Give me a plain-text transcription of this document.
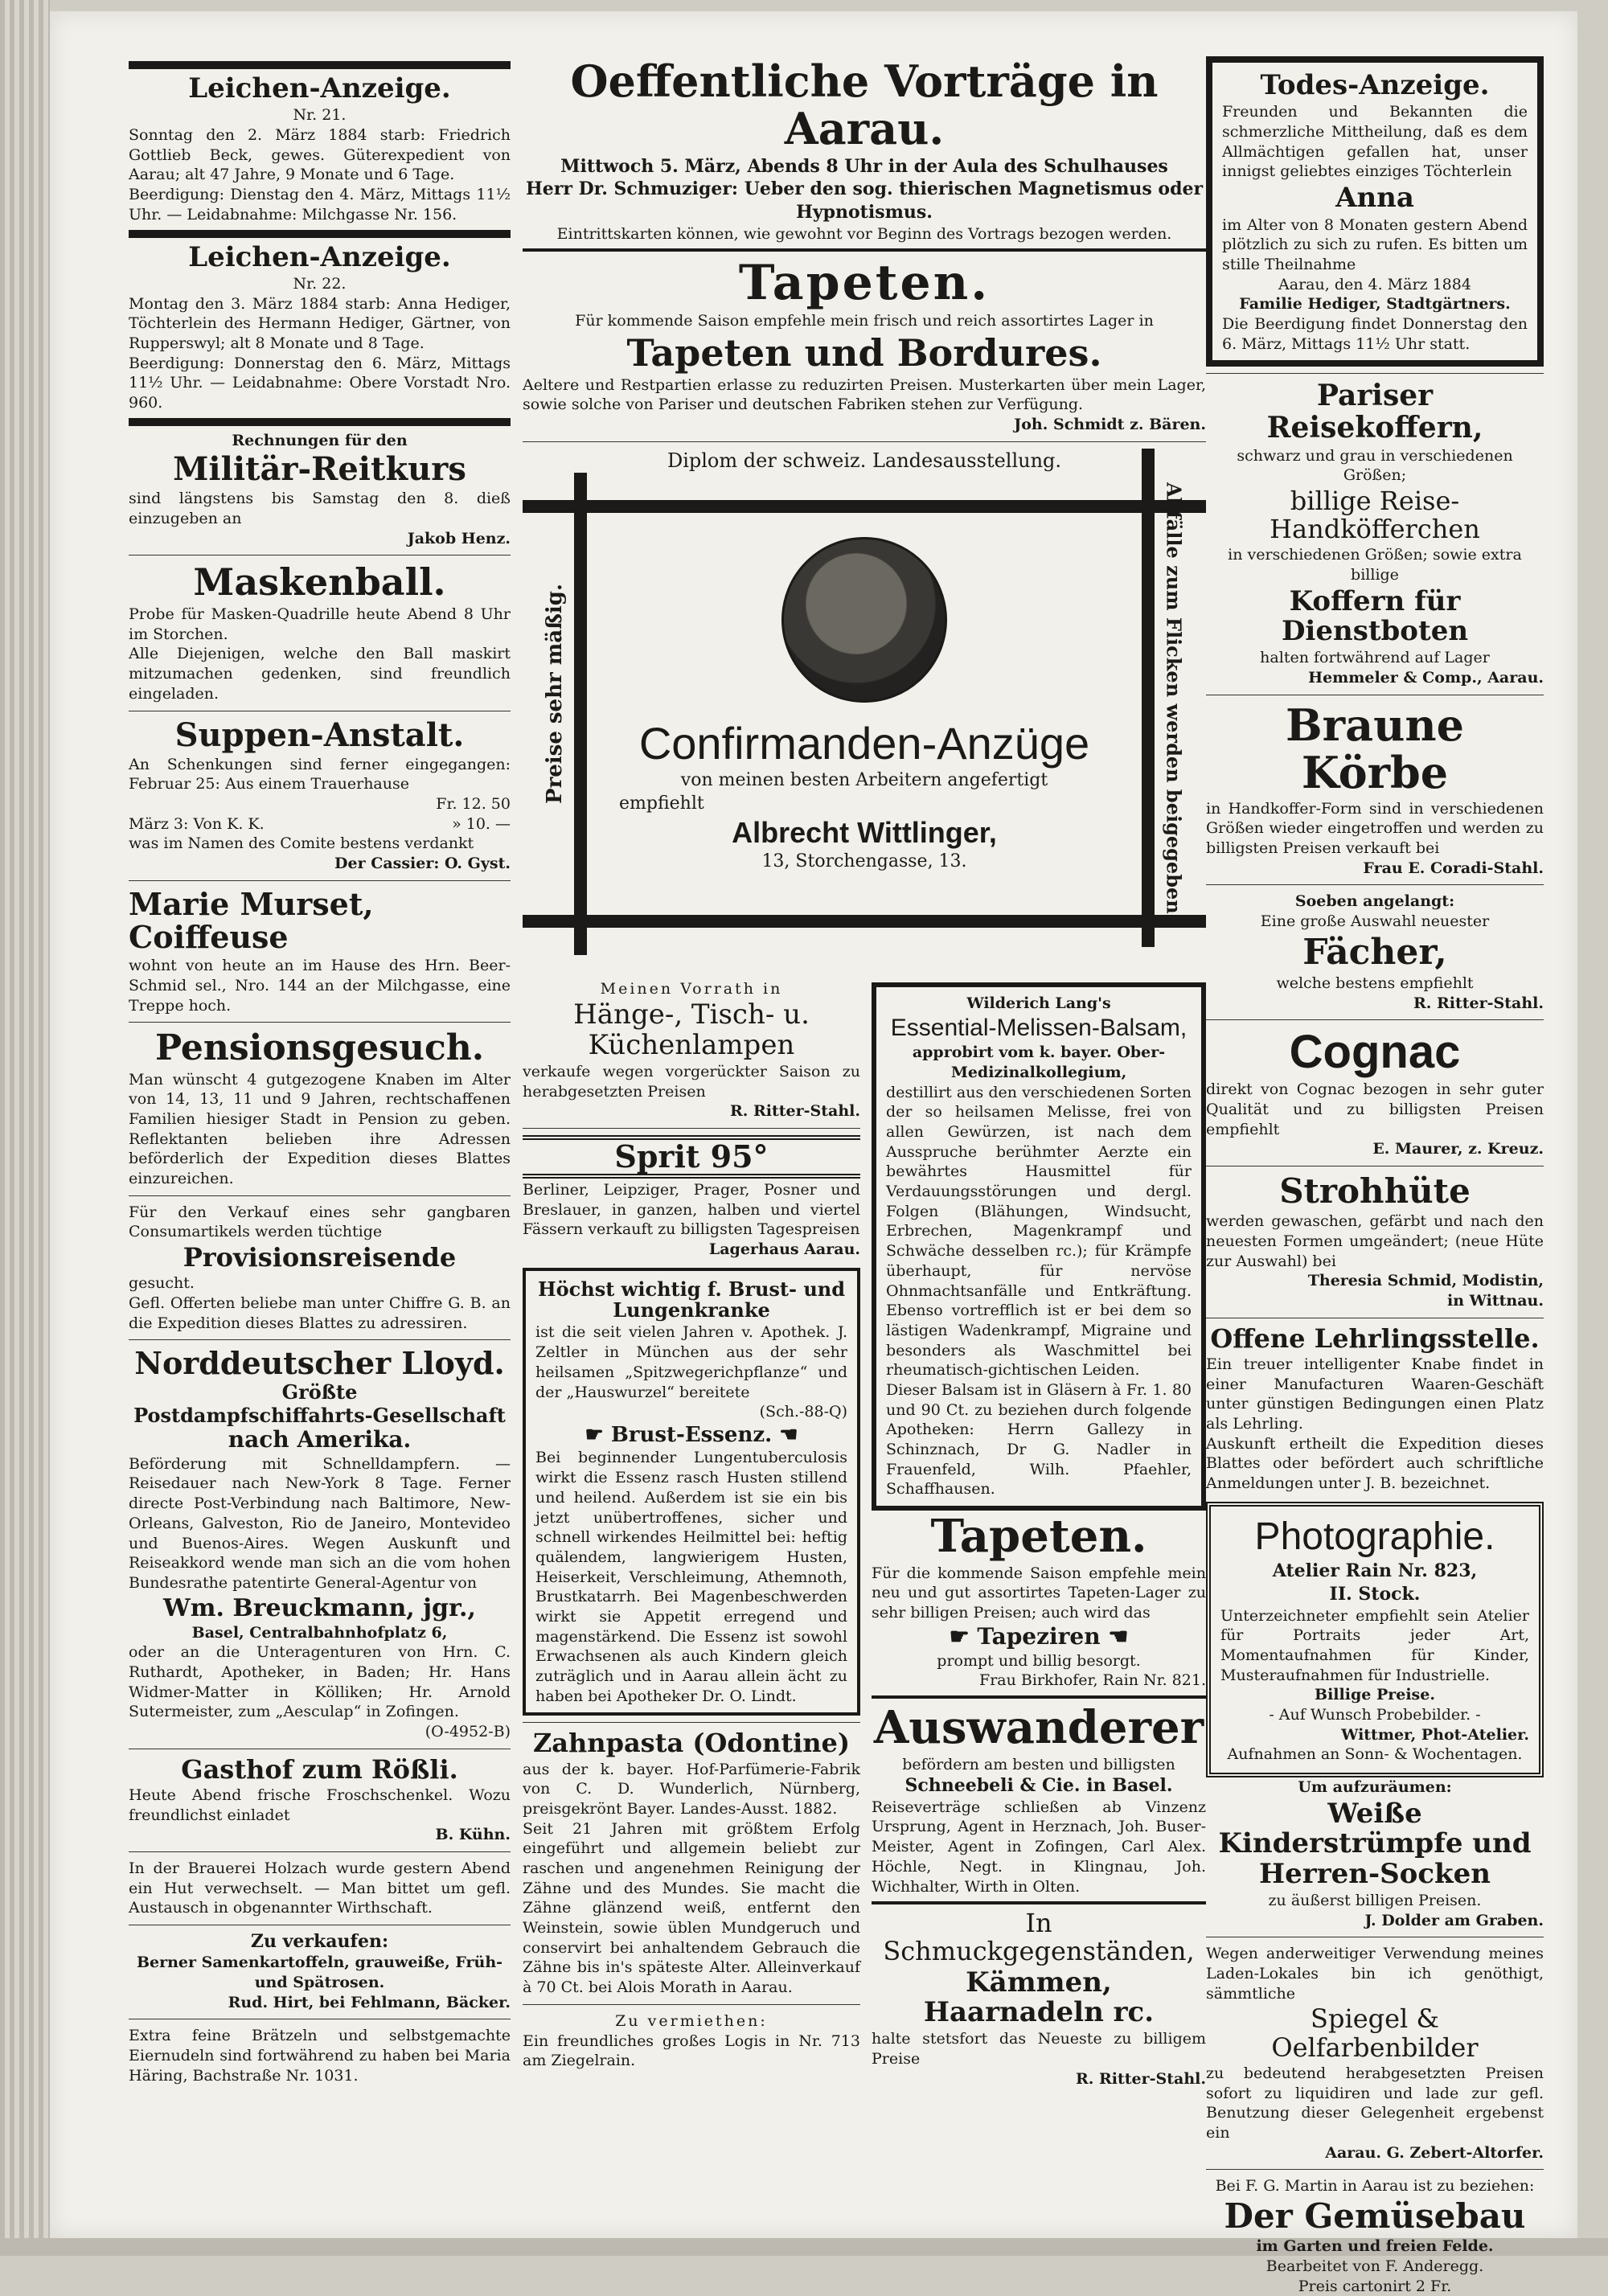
Leichen-Anzeige.

Nr. 21.

Sonntag den 2. März 1884 starb: Friedrich Gottlieb Beck, gewes. Güterexpedient von Aarau; alt 47 Jahre, 9 Monate und 6 Tage.

Beerdigung: Dienstag den 4. März, Mittags 11½ Uhr. — Leidabnahme: Milchgasse Nr. 156.

Leichen-Anzeige.

Nr. 22.

Montag den 3. März 1884 starb: Anna Hediger, Töchterlein des Hermann Hediger, Gärtner, von Rupperswyl; alt 8 Monate und 8 Tage.

Beerdigung: Donnerstag den 6. März, Mittags 11½ Uhr. — Leidabnahme: Obere Vorstadt Nro. 960.

Rechnungen für den

Militär-Reitkurs

sind längstens bis Samstag den 8. dieß einzugeben an

Jakob Henz.

Maskenball.

Probe für Masken-Quadrille heute Abend 8 Uhr im Storchen.

Alle Diejenigen, welche den Ball maskirt mitzumachen gedenken, sind freundlich eingeladen.

Suppen-Anstalt.

An Schenkungen sind ferner eingegangen: Februar 25: Aus einem Trauerhause

Fr. 12. 50

März 3: Von K. K.	» 10. —

was im Namen des Comite bestens verdankt

Der Cassier: O. Gyst.

Marie Murset, Coiffeuse

wohnt von heute an im Hause des Hrn. Beer-Schmid sel., Nro. 144 an der Milchgasse, eine Treppe hoch.

Pensionsgesuch.

Man wünscht 4 gutgezogene Knaben im Alter von 14, 13, 11 und 9 Jahren, rechtschaffenen Familien hiesiger Stadt in Pension zu geben. Reflektanten belieben ihre Adressen beförderlich der Expedition dieses Blattes einzureichen.

Für den Verkauf eines sehr gangbaren Consumartikels werden tüchtige

Provisionsreisende

gesucht.

Gefl. Offerten beliebe man unter Chiffre G. B. an die Expedition dieses Blattes zu adressiren.

Norddeutscher Lloyd.
Größte
Postdampfschiffahrts-Gesellschaft
nach Amerika.

Beförderung mit Schnelldampfern. — Reisedauer nach New-York 8 Tage. Ferner directe Post-Verbindung nach Baltimore, New-Orleans, Galveston, Rio de Janeiro, Montevideo und Buenos-Aires. Wegen Auskunft und Reiseakkord wende man sich an die vom hohen Bundesrathe patentirte General-Agentur von

Wm. Breuckmann, jgr.,

Basel, Centralbahnhofplatz 6,

oder an die Unteragenturen von Hrn. C. Ruthardt, Apotheker, in Baden; Hr. Hans Widmer-Matter in Kölliken; Hr. Arnold Sutermeister, zum „Aesculap“ in Zofingen.

(O-4952-B)

Gasthof zum Rößli.

Heute Abend frische Froschschenkel. Wozu freundlichst einladet

B. Kühn.

In der Brauerei Holzach wurde gestern Abend ein Hut verwechselt. — Man bittet um gefl. Austausch in obgenannter Wirthschaft.

Zu verkaufen:

Berner Samenkartoffeln, grauweiße, Früh- und Spätrosen.

Rud. Hirt, bei Fehlmann, Bäcker.

Extra feine Brätzeln und selbstgemachte Eiernudeln sind fortwährend zu haben bei Maria Häring, Bachstraße Nr. 1031.

Oeffentliche Vorträge in Aarau.

Mittwoch 5. März, Abends 8 Uhr in der Aula des Schulhauses

Herr Dr. Schmuziger: Ueber den sog. thierischen Magnetismus oder Hypnotismus.

Eintrittskarten können, wie gewohnt vor Beginn des Vortrags bezogen werden.

Tapeten.

Für kommende Saison empfehle mein frisch und reich assortirtes Lager in

Tapeten und Bordures.

Aeltere und Restpartien erlasse zu reduzirten Preisen. Musterkarten über mein Lager, sowie solche von Pariser und deutschen Fabriken stehen zur Verfügung.

Joh. Schmidt z. Bären.

Diplom der schweiz. Landesausstellung.

Preise sehr mäßig.	Abfälle zum Flicken werden beigegeben.
Confirmanden-Anzüge

von meinen besten Arbeitern angefertigt

empfiehlt

Albrecht Wittlinger,

13, Storchengasse, 13.

Meinen Vorrath in

Hänge-, Tisch- u. Küchenlampen

verkaufe wegen vorgerückter Saison zu herabgesetzten Preisen

R. Ritter-Stahl.

Sprit 95°

Berliner, Leipziger, Prager, Posner und Breslauer, in ganzen, halben und viertel Fässern verkauft zu billigsten Tagespreisen

Lagerhaus Aarau.

Höchst wichtig f. Brust- und Lungenkranke

ist die seit vielen Jahren v. Apothek. J. Zeltler in München aus der sehr heilsamen „Spitzwegerichpflanze“ und der „Hauswurzel“ bereitete

(Sch.-88-Q)

☛ Brust-Essenz. ☚

Bei beginnender Lungentuberculosis wirkt die Essenz rasch Husten stillend und heilend. Außerdem ist sie ein bis jetzt unübertroffenes, sicher und schnell wirkendes Heilmittel bei: heftig quälendem, langwierigem Husten, Heiserkeit, Verschleimung, Athemnoth, Brustkatarrh. Bei Magenbeschwerden wirkt sie Appetit erregend und magenstärkend. Die Essenz ist sowohl Erwachsenen als auch Kindern gleich zuträglich und in Aarau allein ächt zu haben bei Apotheker Dr. O. Lindt.

Zahnpasta (Odontine)

aus der k. bayer. Hof-Parfümerie-Fabrik von C. D. Wunderlich, Nürnberg, preisgekrönt Bayer. Landes-Ausst. 1882.

Seit 21 Jahren mit größtem Erfolg eingeführt und allgemein beliebt zur raschen und angenehmen Reinigung der Zähne und des Mundes. Sie macht die Zähne glänzend weiß, entfernt den Weinstein, sowie üblen Mundgeruch und conservirt bei anhaltendem Gebrauch die Zähne bis in's späteste Alter. Alleinverkauf à 70 Ct. bei Alois Morath in Aarau.

Zu vermiethen:

Ein freundliches großes Logis in Nr. 713 am Ziegelrain.

Wilderich Lang's

Essential-Melissen-Balsam,

approbirt vom k. bayer. Ober-Medizinalkollegium,

destillirt aus den verschiedenen Sorten der so heilsamen Melisse, frei von allen Gewürzen, ist nach dem Ausspruche berühmter Aerzte ein bewährtes Hausmittel für Verdauungsstörungen und dergl. Folgen (Blähungen, Windsucht, Erbrechen, Magenkrampf und Schwäche desselben rc.); für Krämpfe überhaupt, für nervöse Ohnmachtsanfälle und Entkräftung. Ebenso vortrefflich ist er bei dem so lästigen Wadenkrampf, Migraine und besonders als Waschmittel bei rheumatisch-gichtischen Leiden.

Dieser Balsam ist in Gläsern à Fr. 1. 80 und 90 Ct. zu beziehen durch folgende Apotheken: Herrn Gallezy in Schinznach, Dr G. Nadler in Frauenfeld, Wilh. Pfaehler, Schaffhausen.

Tapeten.

Für die kommende Saison empfehle mein neu und gut assortirtes Tapeten-Lager zu sehr billigen Preisen; auch wird das

☛ Tapeziren ☚

prompt und billig besorgt.

Frau Birkhofer, Rain Nr. 821.

Auswanderer

befördern am besten und billigsten

Schneebeli & Cie. in Basel.

Reiseverträge schließen ab Vinzenz Ursprung, Agent in Herznach, Joh. Buser-Meister, Agent in Zofingen, Carl Alex. Höchle, Negt. in Klingnau, Joh. Wichhalter, Wirth in Olten.

In Schmuckgegenständen,
Kämmen, Haarnadeln rc.

halte stetsfort das Neueste zu billigem Preise

R. Ritter-Stahl.

Todes-Anzeige.

Freunden und Bekannten die schmerzliche Mittheilung, daß es dem Allmächtigen gefallen hat, unser innigst geliebtes einziges Töchterlein

Anna

im Alter von 8 Monaten gestern Abend plötzlich zu sich zu rufen. Es bitten um stille Theilnahme

Aarau, den 4. März 1884

Familie Hediger, Stadtgärtners.

Die Beerdigung findet Donnerstag den 6. März, Mittags 11½ Uhr statt.

Pariser Reisekoffern,

schwarz und grau in verschiedenen Größen;

billige Reise-Handköfferchen

in verschiedenen Größen; sowie extra billige

Koffern für Dienstboten

halten fortwährend auf Lager

Hemmeler & Comp., Aarau.

Braune Körbe

in Handkoffer-Form sind in verschiedenen Größen wieder eingetroffen und werden zu billigsten Preisen verkauft bei

Frau E. Coradi-Stahl.

Soeben angelangt:

Eine große Auswahl neuester

Fächer,

welche bestens empfiehlt

R. Ritter-Stahl.

Cognac

direkt von Cognac bezogen in sehr guter Qualität und zu billigsten Preisen empfiehlt

E. Maurer, z. Kreuz.

Strohhüte

werden gewaschen, gefärbt und nach den neuesten Formen umgeändert; (neue Hüte zur Auswahl) bei

Theresia Schmid, Modistin,

in Wittnau.

Offene Lehrlingsstelle.

Ein treuer intelligenter Knabe findet in einer Manufacturen Waaren-Geschäft unter günstigen Bedingungen einen Platz als Lehrling.

Auskunft ertheilt die Expedition dieses Blattes oder befördert auch schriftliche Anmeldungen unter J. B. bezeichnet.

Photographie.

Atelier Rain Nr. 823,

II. Stock.

Unterzeichneter empfiehlt sein Atelier für Portraits jeder Art, Momentaufnahmen für Kinder, Musteraufnahmen für Industrielle.

Billige Preise.

- Auf Wunsch Probebilder. -

Wittmer, Phot-Atelier.

Aufnahmen an Sonn- & Wochentagen.

Um aufzuräumen:

Weiße Kinderstrümpfe und Herren-Socken

zu äußerst billigen Preisen.

J. Dolder am Graben.

Wegen anderweitiger Verwendung meines Laden-Lokales bin ich genöthigt, sämmtliche

Spiegel & Oelfarbenbilder

zu bedeutend herabgesetzten Preisen sofort zu liquidiren und lade zur gefl. Benutzung dieser Gelegenheit ergebenst ein

Aarau. G. Zebert-Altorfer.

Bei F. G. Martin in Aarau ist zu beziehen:

Der Gemüsebau

im Garten und freien Felde.

Bearbeitet von F. Anderegg.

Preis cartonirt 2 Fr.
